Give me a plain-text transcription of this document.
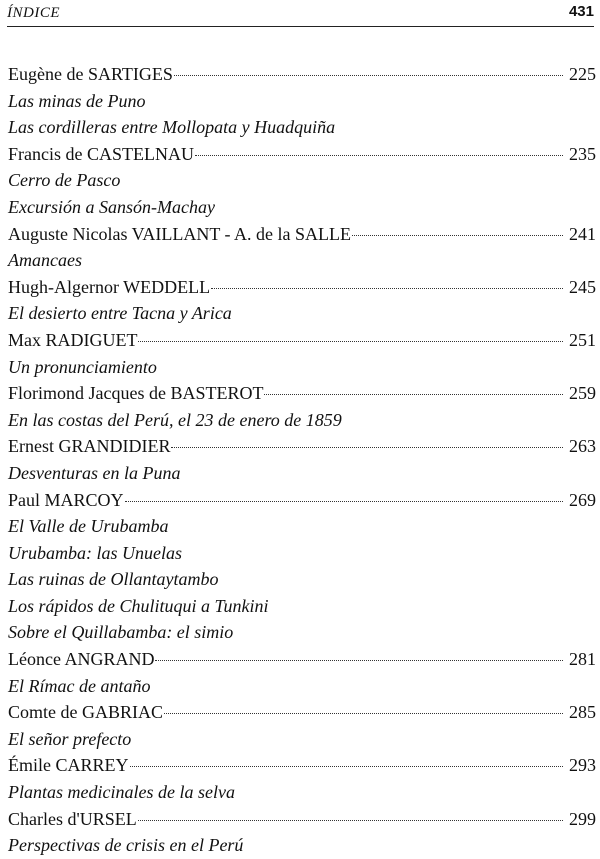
ÍNDICE	431
Eugène de SARTIGES	225
Las minas de Puno
Las cordilleras entre Mollopata y Huadquiña
Francis de CASTELNAU	235
Cerro de Pasco
Excursión a Sansón-Machay
Auguste Nicolas VAILLANT - A. de la SALLE	241
Amancaes
Hugh-Algernor WEDDELL	245
El desierto entre Tacna y Arica
Max RADIGUET	251
Un pronunciamiento
Florimond Jacques de BASTEROT	259
En las costas del Perú, el 23 de enero de 1859
Ernest GRANDIDIER	263
Desventuras en la Puna
Paul MARCOY	269
El Valle de Urubamba
Urubamba: las Unuelas
Las ruinas de Ollantaytambo
Los rápidos de Chulituqui a Tunkini
Sobre el Quillabamba: el simio
Léonce ANGRAND	281
El Rímac de antaño
Comte de GABRIAC	285
El señor prefecto
Émile CARREY	293
Plantas medicinales de la selva
Charles d'URSEL	299
Perspectivas de crisis en el Perú
